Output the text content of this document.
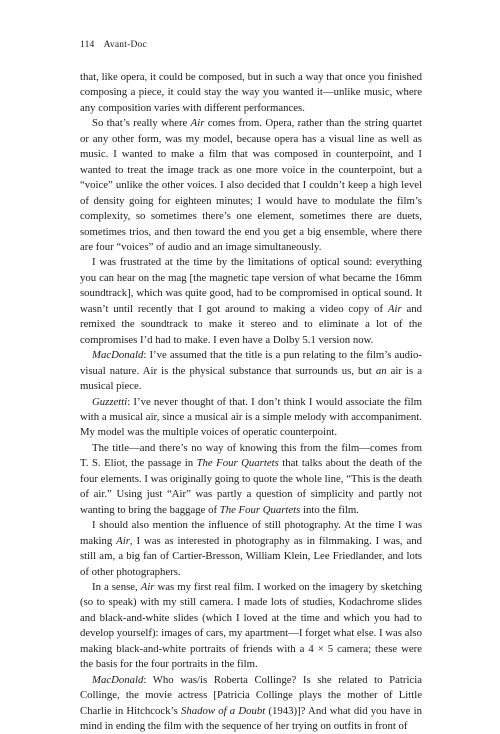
114 Avant-Doc

that, like opera, it could be composed, but in such a way that once you finished composing a piece, it could stay the way you wanted it—unlike music, where any composition varies with different performances.

So that’s really where Air comes from. Opera, rather than the string quartet or any other form, was my model, because opera has a visual line as well as music. I wanted to make a film that was composed in counterpoint, and I wanted to treat the image track as one more voice in the counterpoint, but a “voice” unlike the other voices. I also decided that I couldn’t keep a high level of density going for eighteen minutes; I would have to modulate the film’s complexity, so sometimes there’s one element, sometimes there are duets, sometimes trios, and then toward the end you get a big ensemble, where there are four “voices” of audio and an image simultaneously.

I was frustrated at the time by the limitations of optical sound: everything you can hear on the mag [the magnetic tape version of what became the 16mm soundtrack], which was quite good, had to be compromised in optical sound. It wasn’t until recently that I got around to making a video copy of Air and remixed the soundtrack to make it stereo and to eliminate a lot of the compromises I’d had to make. I even have a Dolby 5.1 version now.

MacDonald: I’ve assumed that the title is a pun relating to the film’s audio-visual nature. Air is the physical substance that surrounds us, but an air is a musical piece.

Guzzetti: I’ve never thought of that. I don’t think I would associate the film with a musical air, since a musical air is a simple melody with accompaniment. My model was the multiple voices of operatic counterpoint.

The title—and there’s no way of knowing this from the film—comes from T. S. Eliot, the passage in The Four Quartets that talks about the death of the four elements. I was originally going to quote the whole line, “This is the death of air.” Using just “Air” was partly a question of simplicity and partly not wanting to bring the baggage of The Four Quartets into the film.

I should also mention the influence of still photography. At the time I was making Air, I was as interested in photography as in filmmaking. I was, and still am, a big fan of Cartier-Bresson, William Klein, Lee Friedlander, and lots of other photographers.

In a sense, Air was my first real film. I worked on the imagery by sketching (so to speak) with my still camera. I made lots of studies, Kodachrome slides and black-and-white slides (which I loved at the time and which you had to develop yourself): images of cars, my apartment—I forget what else. I was also making black-and-white portraits of friends with a 4 × 5 camera; these were the basis for the four portraits in the film.

MacDonald: Who was/is Roberta Collinge? Is she related to Patricia Collinge, the movie actress [Patricia Collinge plays the mother of Little Charlie in Hitchcock’s Shadow of a Doubt (1943)]? And what did you have in mind in ending the film with the sequence of her trying on outfits in front of
